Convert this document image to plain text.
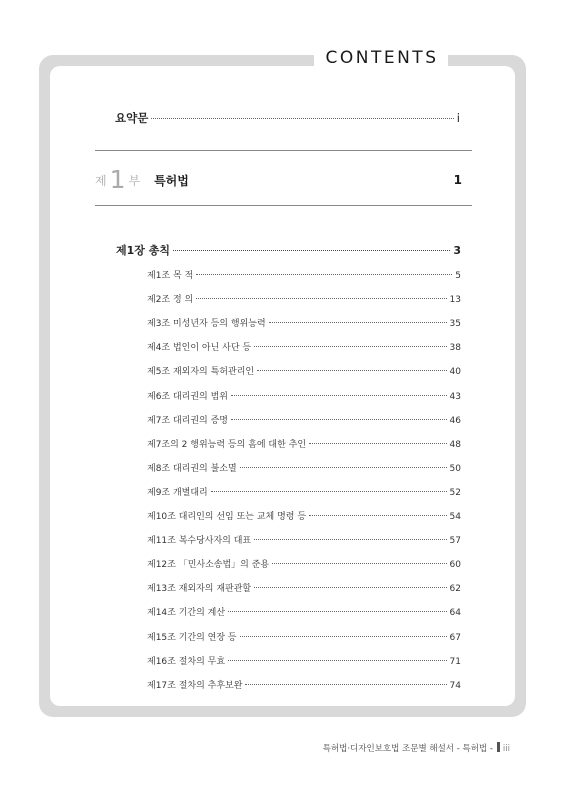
CONTENTS
요약문	i
제 1 부 특허법	1
제1장 총칙	3
제1조 목 적	5
제2조 정 의	13
제3조 미성년자 등의 행위능력	35
제4조 법인이 아닌 사단 등	38
제5조 재외자의 특허관리인	40
제6조 대리권의 범위	43
제7조 대리권의 증명	46
제7조의 2 행위능력 등의 흠에 대한 추인	48
제8조 대리권의 불소멸	50
제9조 개별대리	52
제10조 대리인의 선임 또는 교체 명령 등	54
제11조 복수당사자의 대표	57
제12조 「민사소송법」의 준용	60
제13조 재외자의 재판관할	62
제14조 기간의 계산	64
제15조 기간의 연장 등	67
제16조 절차의 무효	71
제17조 절차의 추후보완	74
특허법·디자인보호법 조문별 해설서 - 특허법 - iii
